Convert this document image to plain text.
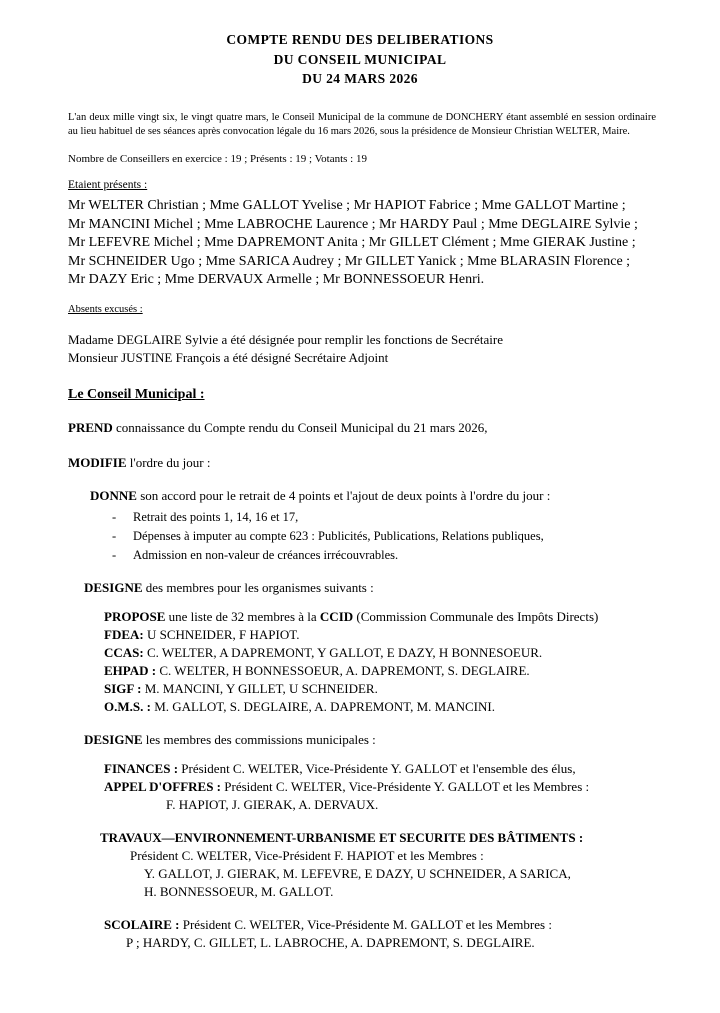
COMPTE RENDU DES DELIBERATIONS
DU CONSEIL MUNICIPAL
DU 24 MARS 2026
L'an deux mille vingt six, le vingt quatre mars, le Conseil Municipal de la commune de DONCHERY étant assemblé en session ordinaire au lieu habituel de ses séances après convocation légale du 16 mars 2026, sous la présidence de Monsieur Christian WELTER, Maire.
Nombre de Conseillers en exercice : 19 ; Présents : 19 ; Votants : 19
Etaient présents :
Mr WELTER Christian ; Mme GALLOT Yvelise ; Mr HAPIOT Fabrice ; Mme GALLOT Martine ;
Mr MANCINI Michel ; Mme LABROCHE Laurence ; Mr HARDY Paul ; Mme DEGLAIRE Sylvie ;
Mr LEFEVRE Michel ; Mme DAPREMONT Anita ; Mr GILLET Clément ; Mme GIERAK Justine ;
Mr SCHNEIDER Ugo ; Mme SARICA Audrey ; Mr GILLET Yanick ; Mme BLARASIN Florence ;
Mr DAZY Eric ; Mme DERVAUX Armelle ; Mr BONNESSOEUR Henri.
Absents excusés :
Madame DEGLAIRE Sylvie a été désignée pour remplir les fonctions de Secrétaire
Monsieur JUSTINE François a été désigné Secrétaire Adjoint
Le Conseil Municipal :
PREND connaissance du Compte rendu du Conseil Municipal du 21 mars 2026,
MODIFIE l'ordre du jour :
DONNE son accord pour le retrait de 4 points et l'ajout de deux points à l'ordre du jour :
- Retrait des points 1, 14, 16 et 17,
- Dépenses à imputer au compte 623 : Publicités, Publications, Relations publiques,
- Admission en non-valeur de créances irrécouvrables.
DESIGNE des membres pour les organismes suivants :
PROPOSE une liste de 32 membres à la CCID (Commission Communale des Impôts Directs)
FDEA: U SCHNEIDER, F HAPIOT.
CCAS: C. WELTER, A DAPREMONT, Y GALLOT, E DAZY, H BONNESOEUR.
EHPAD : C. WELTER, H BONNESSOEUR, A. DAPREMONT, S. DEGLAIRE.
SIGF : M. MANCINI, Y GILLET, U SCHNEIDER.
O.M.S. : M. GALLOT, S. DEGLAIRE, A. DAPREMONT, M. MANCINI.
DESIGNE les membres des commissions municipales :
FINANCES : Président C. WELTER, Vice-Présidente Y. GALLOT et l'ensemble des élus,
APPEL D'OFFRES : Président C. WELTER, Vice-Présidente Y. GALLOT et les Membres :
F. HAPIOT, J. GIERAK, A. DERVAUX.
TRAVAUX—ENVIRONNEMENT-URBANISME ET SECURITE DES BÂTIMENTS :
Président C. WELTER, Vice-Président F. HAPIOT et les Membres :
Y. GALLOT, J. GIERAK, M. LEFEVRE, E DAZY, U SCHNEIDER, A SARICA,
H. BONNESSOEUR, M. GALLOT.
SCOLAIRE : Président C. WELTER, Vice-Présidente M. GALLOT et les Membres :
P ; HARDY, C. GILLET, L. LABROCHE, A. DAPREMONT, S. DEGLAIRE.
